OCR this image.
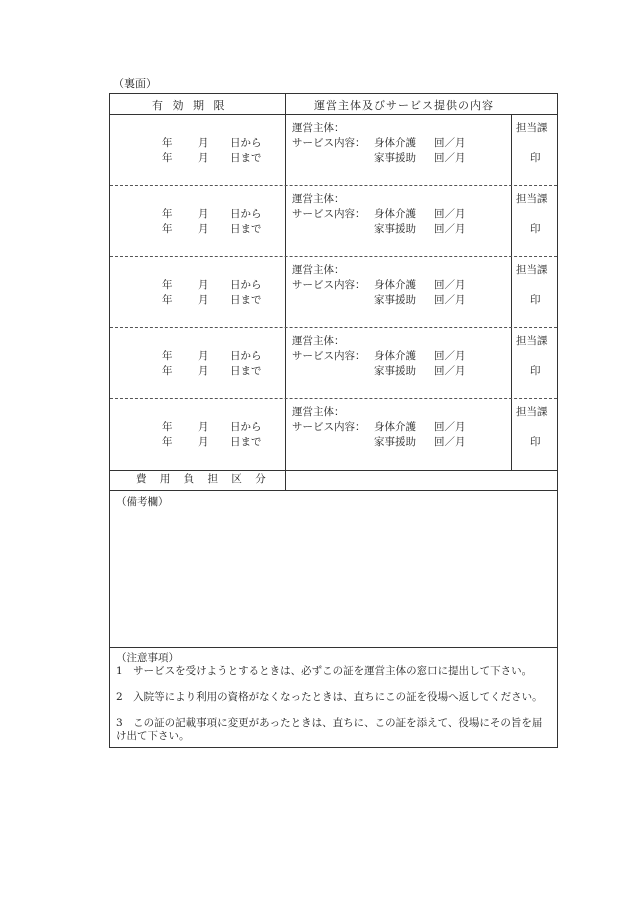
（裏面）
有 効 期 限	運営主体及びサービス提供の内容
年 月 日から
年 月 日まで
運営主体：
サービス内容： 身体介護 回／月
家事援助 回／月
担当課
印
年 月 日から
年 月 日まで
運営主体：
サービス内容： 身体介護 回／月
家事援助 回／月
担当課
印
年 月 日から
年 月 日まで
運営主体：
サービス内容： 身体介護 回／月
家事援助 回／月
担当課
印
年 月 日から
年 月 日まで
運営主体：
サービス内容： 身体介護 回／月
家事援助 回／月
担当課
印
年 月 日から
年 月 日まで
運営主体：
サービス内容： 身体介護 回／月
家事援助 回／月
担当課
印
費 用 負 担 区 分
（備考欄）
（注意事項）
1　サービスを受けようとするときは、必ずこの証を運営主体の窓口に提出して下さい。
2　入院等により利用の資格がなくなったときは、直ちにこの証を役場へ返してください。
3　この証の記載事項に変更があったときは、直ちに、この証を添えて、役場にその旨を届け出て下さい。
